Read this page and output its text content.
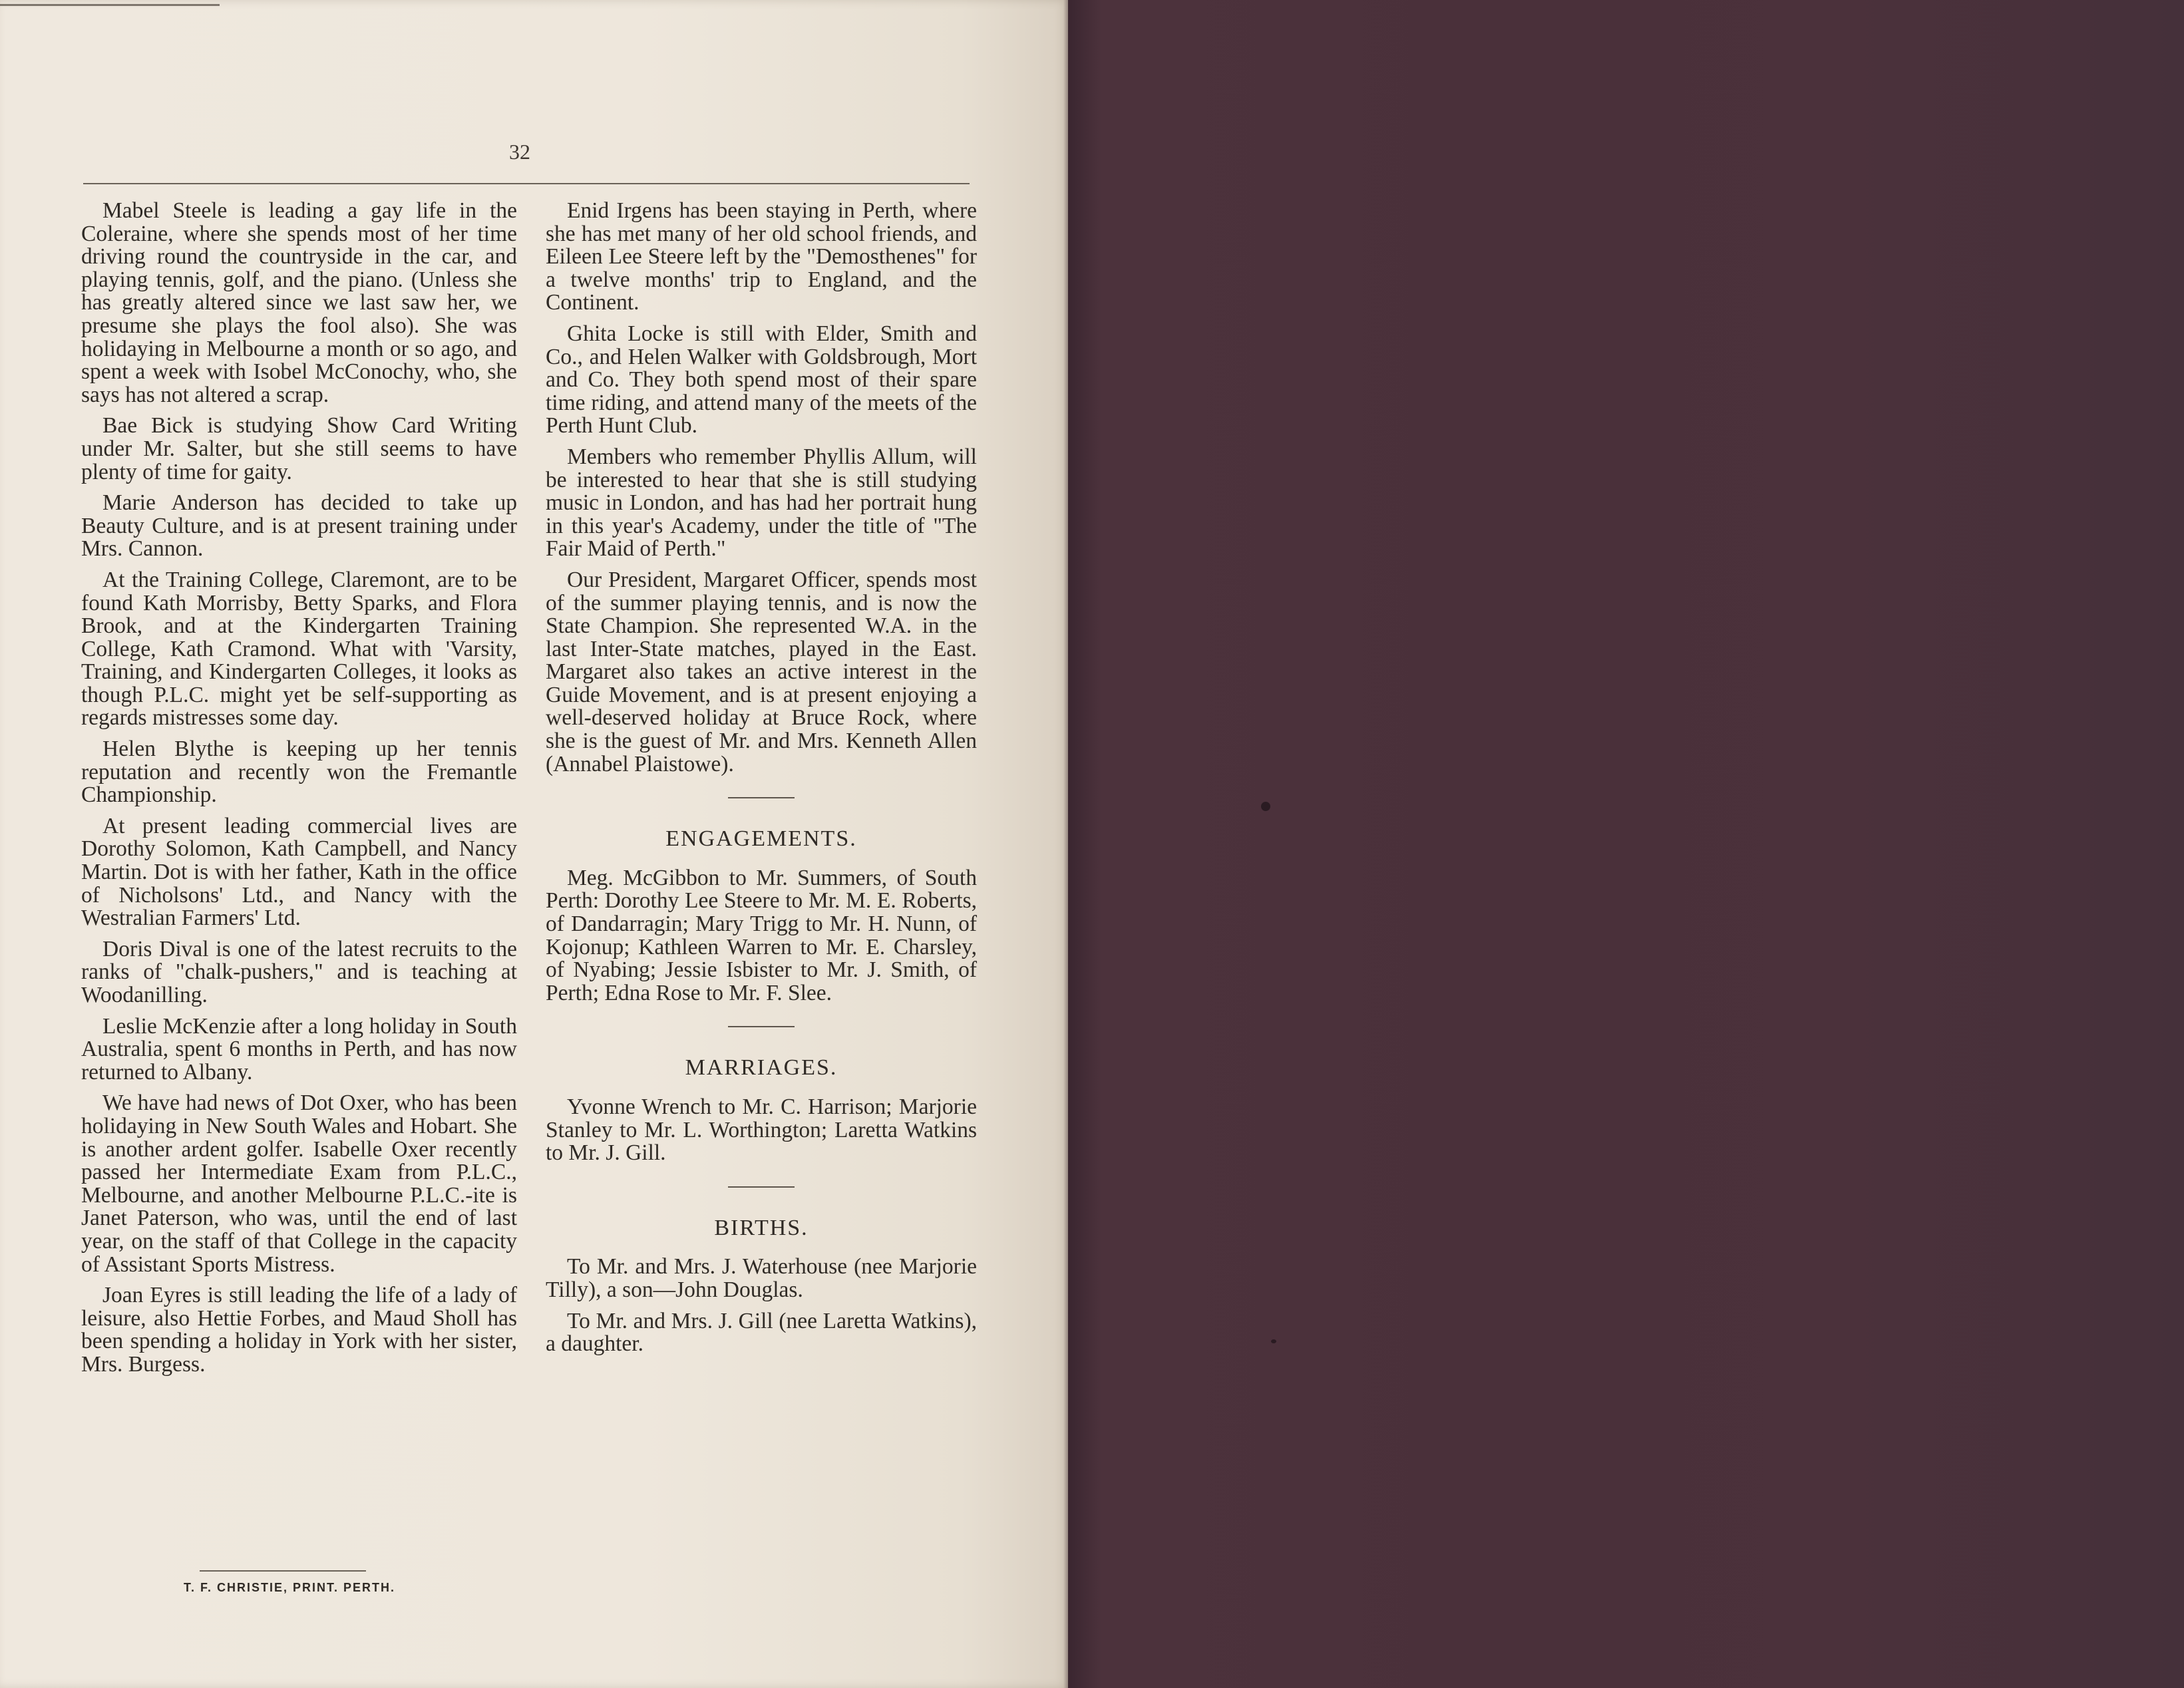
32

Mabel Steele is leading a gay life in the Coleraine, where she spends most of her time driving round the countryside in the car, and playing tennis, golf, and the piano. (Unless she has greatly altered since we last saw her, we presume she plays the fool also). She was holidaying in Melbourne a month or so ago, and spent a week with Isobel McConochy, who, she says has not altered a scrap.

Bae Bick is studying Show Card Writing under Mr. Salter, but she still seems to have plenty of time for gaity.

Marie Anderson has decided to take up Beauty Culture, and is at present training under Mrs. Cannon.

At the Training College, Claremont, are to be found Kath Morrisby, Betty Sparks, and Flora Brook, and at the Kindergarten Training College, Kath Cramond. What with 'Varsity, Training, and Kindergarten Colleges, it looks as though P.L.C. might yet be self-supporting as regards mistresses some day.

Helen Blythe is keeping up her tennis reputation and recently won the Fremantle Championship.

At present leading commercial lives are Dorothy Solomon, Kath Campbell, and Nancy Martin. Dot is with her father, Kath in the office of Nicholsons' Ltd., and Nancy with the Westralian Farmers' Ltd.

Doris Dival is one of the latest recruits to the ranks of "chalk-pushers," and is teaching at Woodanilling.

Leslie McKenzie after a long holiday in South Australia, spent 6 months in Perth, and has now returned to Albany.

We have had news of Dot Oxer, who has been holidaying in New South Wales and Hobart. She is another ardent golfer. Isabelle Oxer recently passed her Intermediate Exam from P.L.C., Melbourne, and another Melbourne P.L.C.-ite is Janet Paterson, who was, until the end of last year, on the staff of that College in the capacity of Assistant Sports Mistress.

Joan Eyres is still leading the life of a lady of leisure, also Hettie Forbes, and Maud Sholl has been spending a holiday in York with her sister, Mrs. Burgess.

Enid Irgens has been staying in Perth, where she has met many of her old school friends, and Eileen Lee Steere left by the "Demosthenes" for a twelve months' trip to England, and the Continent.

Ghita Locke is still with Elder, Smith and Co., and Helen Walker with Goldsbrough, Mort and Co. They both spend most of their spare time riding, and attend many of the meets of the Perth Hunt Club.

Members who remember Phyllis Allum, will be interested to hear that she is still studying music in London, and has had her portrait hung in this year's Academy, under the title of "The Fair Maid of Perth."

Our President, Margaret Officer, spends most of the summer playing tennis, and is now the State Champion. She represented W.A. in the last Inter-State matches, played in the East. Margaret also takes an active interest in the Guide Movement, and is at present enjoying a well-deserved holiday at Bruce Rock, where she is the guest of Mr. and Mrs. Kenneth Allen (Annabel Plaistowe).

ENGAGEMENTS.

Meg. McGibbon to Mr. Summers, of South Perth: Dorothy Lee Steere to Mr. M. E. Roberts, of Dandarragin; Mary Trigg to Mr. H. Nunn, of Kojonup; Kathleen Warren to Mr. E. Charsley, of Nyabing; Jessie Isbister to Mr. J. Smith, of Perth; Edna Rose to Mr. F. Slee.

MARRIAGES.

Yvonne Wrench to Mr. C. Harrison; Marjorie Stanley to Mr. L. Worthington; Laretta Watkins to Mr. J. Gill.

BIRTHS.

To Mr. and Mrs. J. Waterhouse (nee Marjorie Tilly), a son—John Douglas.

To Mr. and Mrs. J. Gill (nee Laretta Watkins), a daughter.

T. F. CHRISTIE, PRINT. PERTH.
